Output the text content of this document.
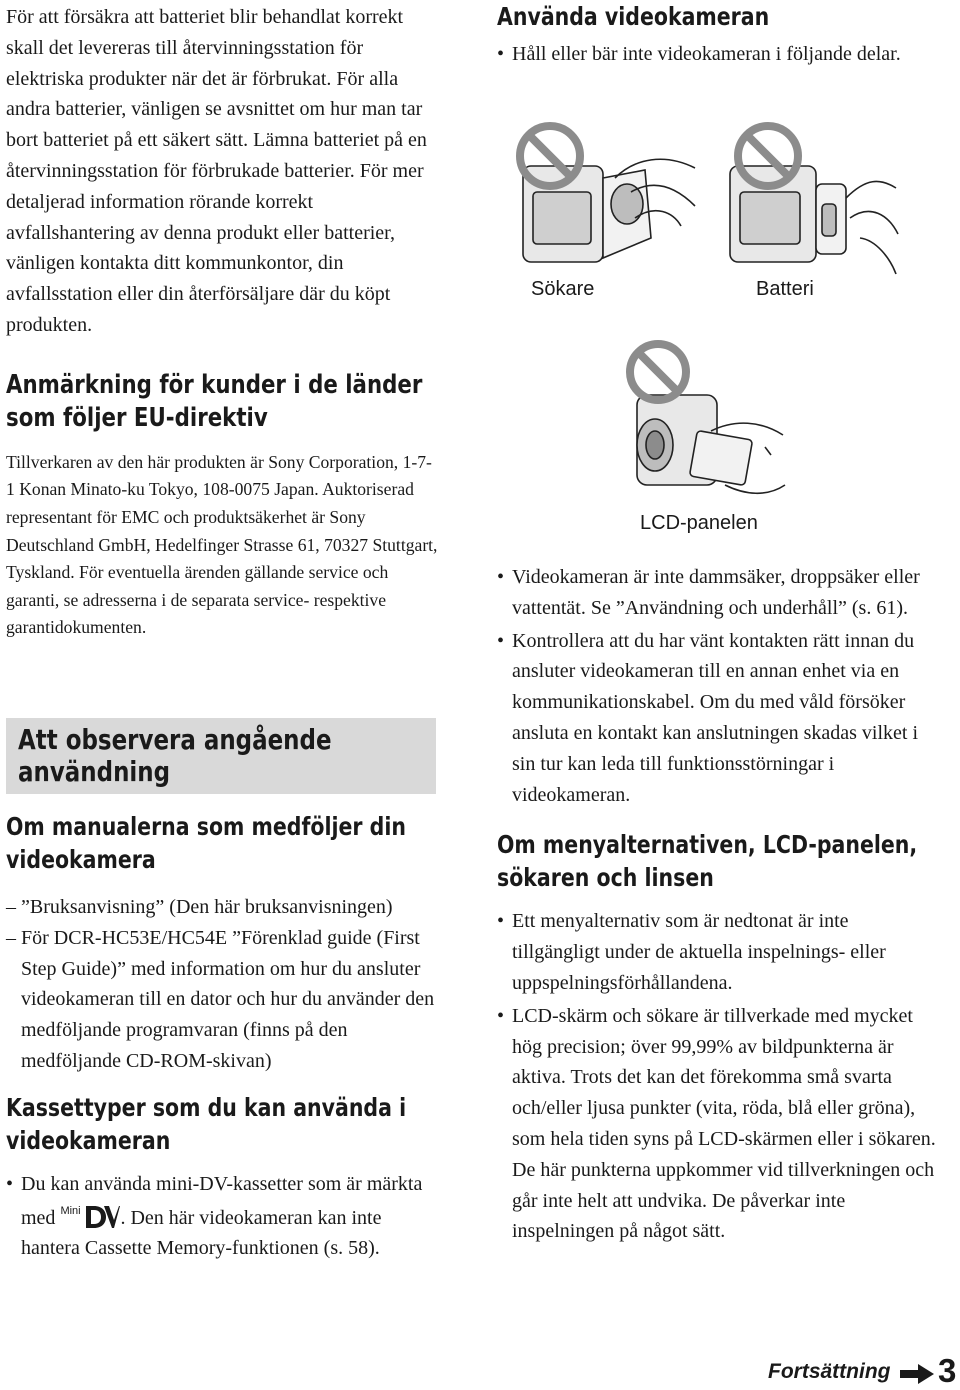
För att försäkra att batteriet blir behandlat korrekt skall det levereras till återvinningsstation för elektriska produkter när det är förbrukat. För alla andra batterier, vänligen se avsnittet om hur man tar bort batteriet på ett säkert sätt. Lämna batteriet på en återvinningsstation för förbrukade batterier. För mer detaljerad information rörande korrekt avfallshantering av denna produkt eller batterier, vänligen kontakta ditt kommunkontor, din avfallsstation eller din återförsäljare där du köpt produkten.

Anmärkning för kunder i de länder
som följer EU-direktiv

Tillverkaren av den här produkten är Sony Corporation, 1-7-1 Konan Minato-ku Tokyo, 108-0075 Japan. Auktoriserad representant för EMC och produktsäkerhet är Sony Deutschland GmbH, Hedelfinger Strasse 61, 70327 Stuttgart, Tyskland. För eventuella ärenden gällande service och garanti, se adresserna i de separata service- respektive garantidokumenten.

Att observera angående
användning
Om manualerna som medföljer din
videokamera
– ”Bruksanvisning” (Den här bruksanvisningen)
– För DCR-HC53E/HC54E ”Förenklad guide (First Step Guide)” med information om hur du ansluter videokameran till en dator och hur du använder den medföljande programvaran (finns på den medföljande CD-ROM-skivan)
Kassettyper som du kan använda i
videokameran
• Du kan använda mini-DV-kassetter som är märkta med Mini . Den här videokameran kan inte hantera Cassette Memory-funktionen (s. 58).
Använda videokameran
• Håll eller bär inte videokameran i följande delar.
Sökare	Batteri
LCD-panelen
• Videokameran är inte dammsäker, droppsäker eller vattentät. Se ”Användning och underhåll” (s. 61).
• Kontrollera att du har vänt kontakten rätt innan du ansluter videokameran till en annan enhet via en kommunikationskabel. Om du med våld försöker ansluta en kontakt kan anslutningen skadas vilket i sin tur kan leda till funktionsstörningar i videokameran.
Om menyalternativen, LCD-panelen,
sökaren och linsen
• Ett menyalternativ som är nedtonat är inte tillgängligt under de aktuella inspelnings- eller uppspelningsförhållandena.
• LCD-skärm och sökare är tillverkade med mycket hög precision; över 99,99% av bildpunkterna är aktiva. Trots det kan det förekomma små svarta och/eller ljusa punkter (vita, röda, blå eller gröna), som hela tiden syns på LCD-skärmen eller i sökaren. De här punkterna uppkommer vid tillverkningen och går inte helt att undvika. De påverkar inte inspelningen på något sätt.
Fortsättning 3
